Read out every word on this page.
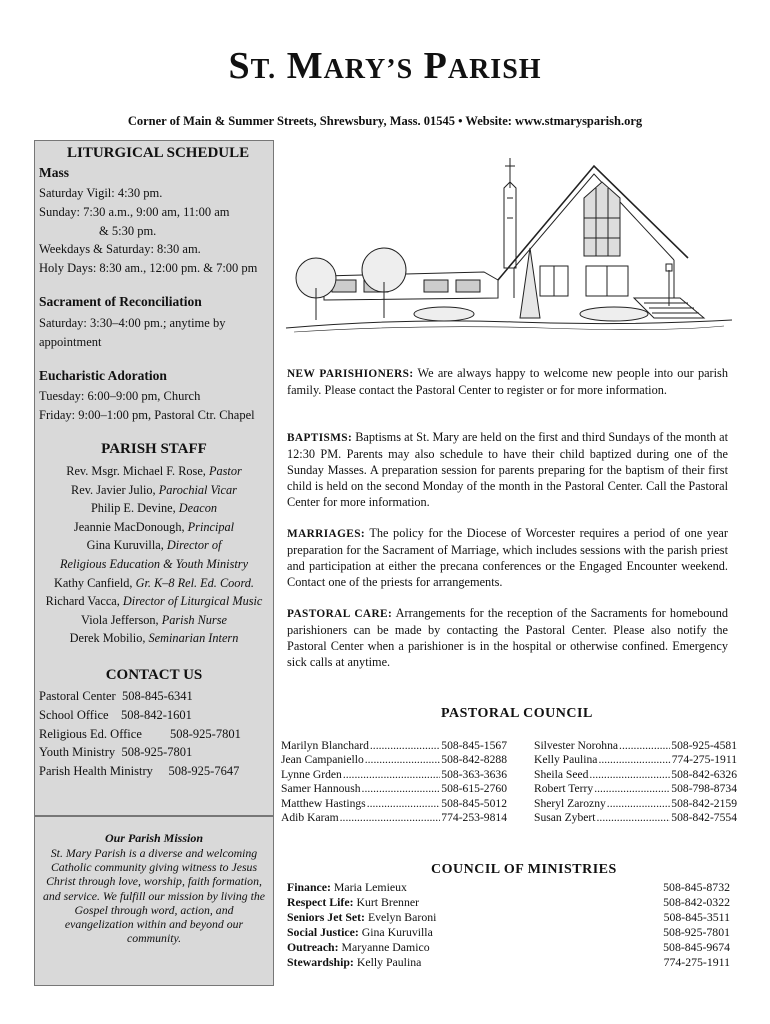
ST. MARY’S PARISH
Corner of Main & Summer Streets, Shrewsbury, Mass. 01545 • Website: www.stmarysparish.org
LITURGICAL SCHEDULE
Mass
Saturday Vigil: 4:30 pm.
Sunday: 7:30 a.m., 9:00 am, 11:00 am
& 5:30 pm.
Weekdays & Saturday: 8:30 am.
Holy Days: 8:30 am., 12:00 pm. & 7:00 pm
Sacrament of Reconciliation
Saturday: 3:30–4:00 pm.; anytime by
appointment
Eucharistic Adoration
Tuesday: 6:00–9:00 pm, Church
Friday: 9:00–1:00 pm, Pastoral Ctr. Chapel
PARISH STAFF
Rev. Msgr. Michael F. Rose, Pastor
Rev. Javier Julio, Parochial Vicar
Philip E. Devine, Deacon
Jeannie MacDonough, Principal
Gina Kuruvilla, Director of
Religious Education & Youth Ministry
Kathy Canfield, Gr. K–8 Rel. Ed. Coord.
Richard Vacca, Director of Liturgical Music
Viola Jefferson, Parish Nurse
Derek Mobilio, Seminarian Intern
CONTACT US
Pastoral Center 508-845-6341
School Office 508-842-1601
Religious Ed. Office 508-925-7801
Youth Ministry 508-925-7801
Parish Health Ministry 508-925-7647
Our Parish Mission
St. Mary Parish is a diverse and welcoming Catholic community giving witness to Jesus Christ through love, worship, faith formation, and service. We fulfill our mission by living the Gospel through word, action, and evangelization within and beyond our community.
NEW PARISHIONERS: We are always happy to welcome new people into our parish family. Please contact the Pastoral Center to register or for more information.
BAPTISMS: Baptisms at St. Mary are held on the first and third Sundays of the month at 12:30 PM. Parents may also schedule to have their child baptized during one of the Sunday Masses. A preparation session for parents preparing for the baptism of their first child is held on the second Monday of the month in the Pastoral Center. Call the Pastoral Center for more information.
MARRIAGES: The policy for the Diocese of Worcester requires a period of one year preparation for the Sacrament of Marriage, which includes sessions with the parish priest and participation at either the precana conferences or the Engaged Encounter weekend. Contact one of the priests for arrangements.
PASTORAL CARE: Arrangements for the reception of the Sacraments for homebound parishioners can be made by contacting the Pastoral Center. Please also notify the Pastoral Center when a parishioner is in the hospital or otherwise confined. Emergency sick calls at anytime.
PASTORAL COUNCIL
Marilyn Blanchard .....	508-845-1567
Jean Campaniello .....	508-842-8288
Lynne Grden .....	508-363-3636
Samer Hannoush .....	508-615-2760
Matthew Hastings .....	508-845-5012
Adib Karam .....	774-253-9814
Silvester Norohna .....	508-925-4581
Kelly Paulina .....	774-275-1911
Sheila Seed .....	508-842-6326
Robert Terry .....	508-798-8734
Sheryl Zarozny .....	508-842-2159
Susan Zybert .....	508-842-7554
COUNCIL OF MINISTRIES
Finance: Maria Lemieux	508-845-8732
Respect Life: Kurt Brenner	508-842-0322
Seniors Jet Set: Evelyn Baroni	508-845-3511
Social Justice: Gina Kuruvilla	508-925-7801
Outreach: Maryanne Damico	508-845-9674
Stewardship: Kelly Paulina	774-275-1911
